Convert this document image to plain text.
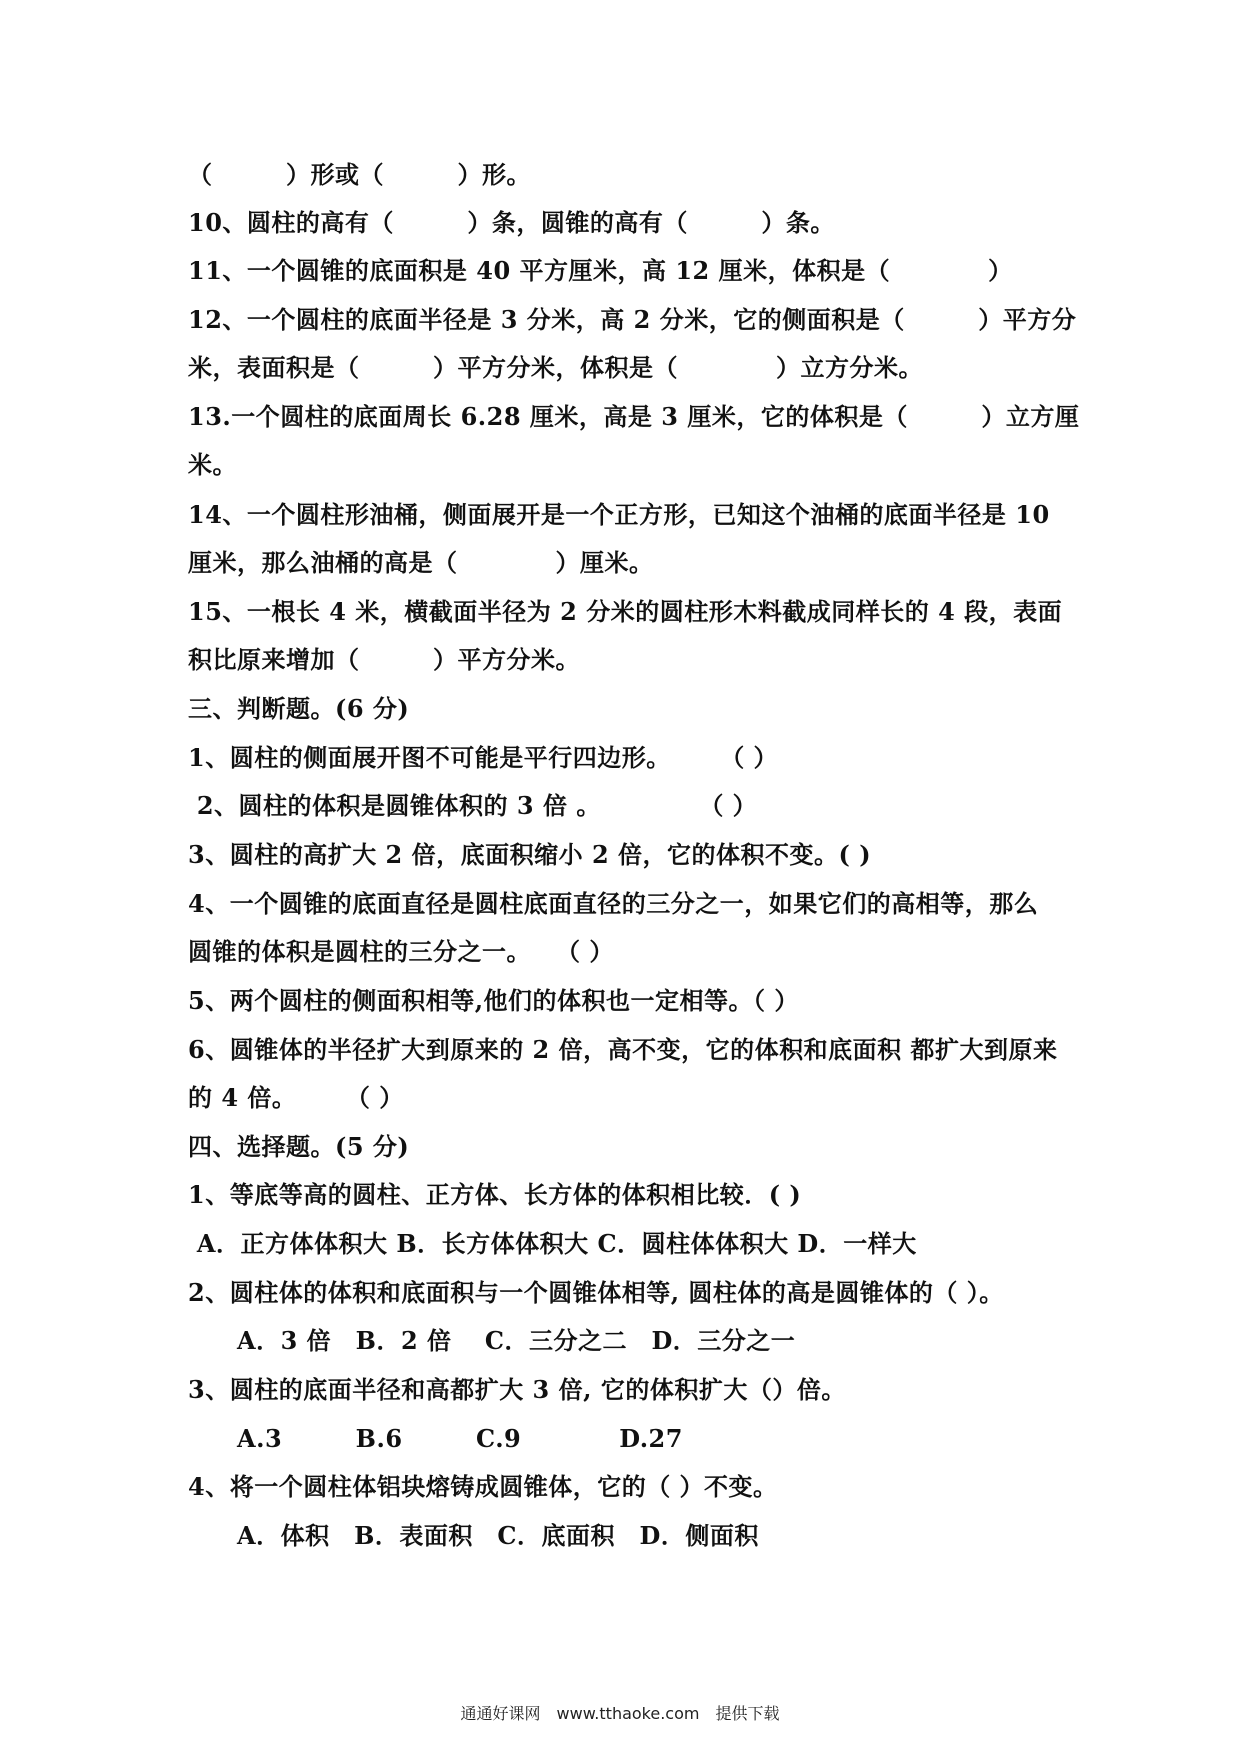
（　　　）形或（　　　）形。
10、圆柱的高有（　　　）条，圆锥的高有（　　　）条。
11、一个圆锥的底面积是 40 平方厘米，高 12 厘米，体积是（　　　　）
12、一个圆柱的底面半径是 3 分米，高 2 分米，它的侧面积是（　　　）平方分
米，表面积是（　　　）平方分米，体积是（　　　　）立方分米。
13.一个圆柱的底面周长 6.28 厘米，高是 3 厘米，它的体积是（　　　）立方厘
米。
14、一个圆柱形油桶，侧面展开是一个正方形，已知这个油桶的底面半径是 10
厘米，那么油桶的高是（　　　　）厘米。
15、一根长 4 米，横截面半径为 2 分米的圆柱形木料截成同样长的 4 段，表面
积比原来增加（　　　）平方分米。
三、判断题。(6 分)
1、圆柱的侧面展开图不可能是平行四边形。　　　（ ）
2、圆柱的体积是圆锥体积的 3 倍 。　　　　　（ ）
3、圆柱的高扩大 2 倍，底面积缩小 2 倍，它的体积不变。( )
4、一个圆锥的底面直径是圆柱底面直径的三分之一，如果它们的高相等，那么
圆锥的体积是圆柱的三分之一。　　（ ）
5、两个圆柱的侧面积相等,他们的体积也一定相等。（ ）
6、圆锥体的半径扩大到原来的 2 倍，高不变，它的体积和底面积 都扩大到原来
的 4 倍。　　　（ ）
四、选择题。(5 分)
1、等底等高的圆柱、正方体、长方体的体积相比较．( )
A．正方体体积大 B．长方体体积大 C．圆柱体体积大 D．一样大
2、圆柱体的体积和底面积与一个圆锥体相等, 圆柱体的高是圆锥体的（ ）。
　　A．3 倍　B．2 倍　 C．三分之二　D．三分之一
3、圆柱的底面半径和高都扩大 3 倍, 它的体积扩大（）倍。
　　A.3　　　B.6　　　C.9　　　　D.27
4、将一个圆柱体铝块熔铸成圆锥体，它的（ ）不变。
　　A．体积　B．表面积　C．底面积　D．侧面积
通通好课网　www.tthaoke.com　提供下载
